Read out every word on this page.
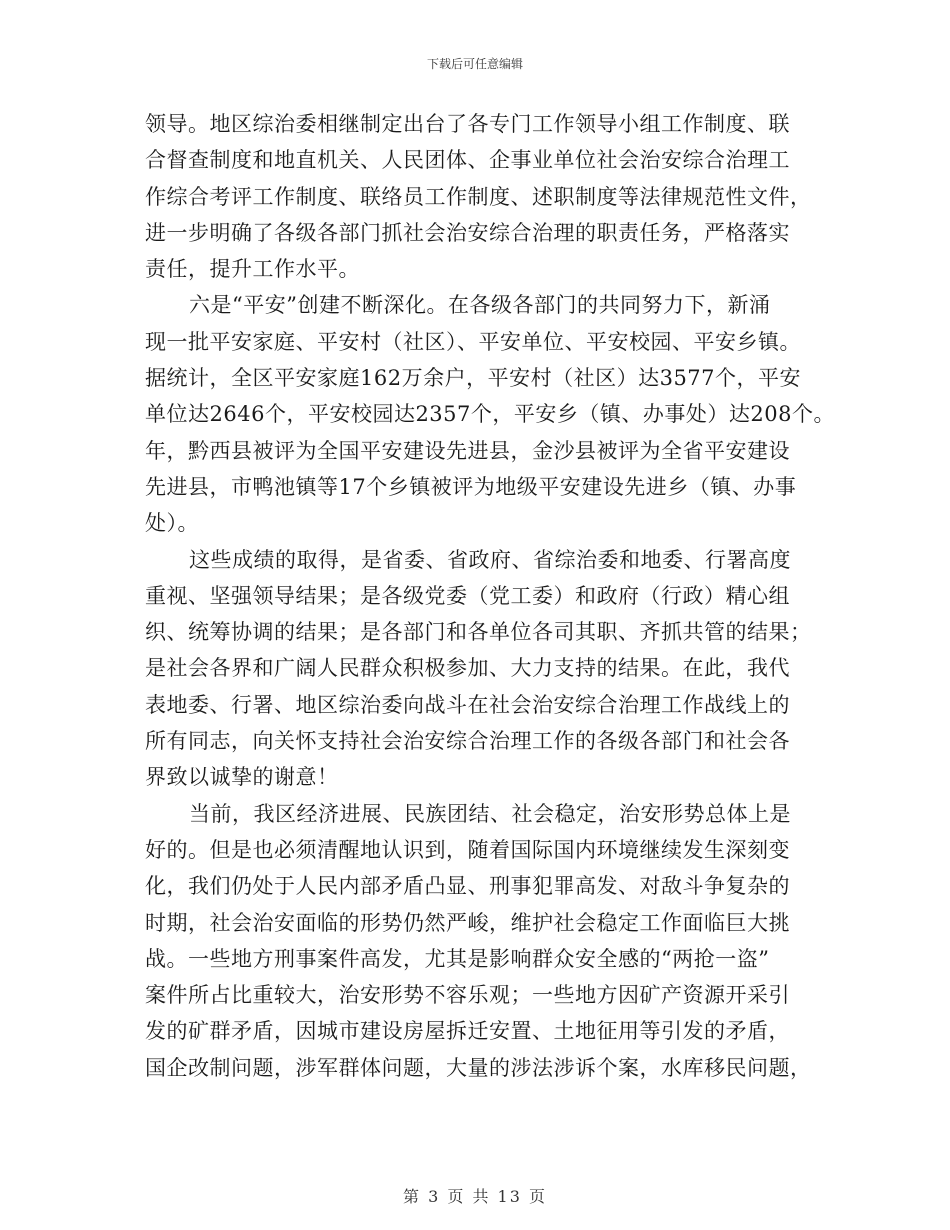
下载后可任意编辑
领导。地区综治委相继制定出台了各专门工作领导小组工作制度、联
合督查制度和地直机关、人民团体、企事业单位社会治安综合治理工
作综合考评工作制度、联络员工作制度、述职制度等法律规范性文件，
进一步明确了各级各部门抓社会治安综合治理的职责任务，严格落实
责任，提升工作水平。
六是“平安”创建不断深化。在各级各部门的共同努力下，新涌
现一批平安家庭、平安村（社区）、平安单位、平安校园、平安乡镇。
据统计，全区平安家庭162万余户，平安村（社区）达3577个，平安
单位达2646个，平安校园达2357个，平安乡（镇、办事处）达208个。
年，黔西县被评为全国平安建设先进县，金沙县被评为全省平安建设
先进县，市鸭池镇等17个乡镇被评为地级平安建设先进乡（镇、办事
处）。
这些成绩的取得，是省委、省政府、省综治委和地委、行署高度
重视、坚强领导结果；是各级党委（党工委）和政府（行政）精心组
织、统筹协调的结果；是各部门和各单位各司其职、齐抓共管的结果；
是社会各界和广阔人民群众积极参加、大力支持的结果。在此，我代
表地委、行署、地区综治委向战斗在社会治安综合治理工作战线上的
所有同志，向关怀支持社会治安综合治理工作的各级各部门和社会各
界致以诚挚的谢意！
当前，我区经济进展、民族团结、社会稳定，治安形势总体上是
好的。但是也必须清醒地认识到，随着国际国内环境继续发生深刻变
化，我们仍处于人民内部矛盾凸显、刑事犯罪高发、对敌斗争复杂的
时期，社会治安面临的形势仍然严峻，维护社会稳定工作面临巨大挑
战。一些地方刑事案件高发，尤其是影响群众安全感的“两抢一盗”
案件所占比重较大，治安形势不容乐观；一些地方因矿产资源开采引
发的矿群矛盾，因城市建设房屋拆迁安置、土地征用等引发的矛盾，
国企改制问题，涉军群体问题，大量的涉法涉诉个案，水库移民问题，
第 3 页 共 13 页
